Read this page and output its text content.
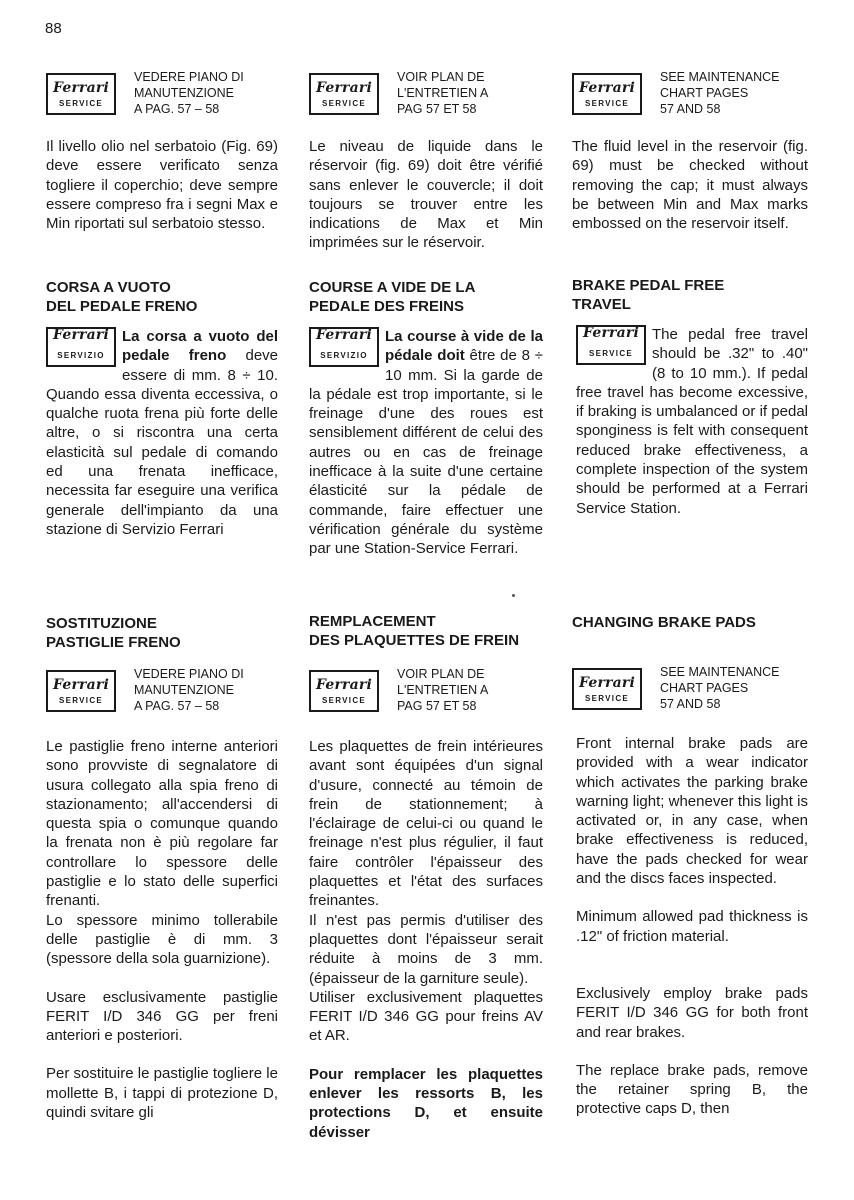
88
Ferrari
SERVICE
VEDERE PIANO DI
MANUTENZIONE
A PAG. 57 – 58

Il livello olio nel serbatoio (Fig. 69) deve essere verificato senza togliere il coperchio; deve sempre essere compreso fra i segni Max e Min riportati sul serbatoio stesso.

CORSA A VUOTO
DEL PEDALE FRENO
Ferrari
SERVIZIO

La corsa a vuoto del pedale freno deve essere di mm. 8 ÷ 10. Quando essa diventa eccessiva, o qualche ruota frena più forte delle altre, o si riscontra una certa elasticità sul pedale di comando ed una frenata inefficace, necessita far eseguire una verifica generale dell'impianto da una stazione di Servizio Ferrari

SOSTITUZIONE
PASTIGLIE FRENO
Ferrari
SERVICE
VEDERE PIANO DI
MANUTENZIONE
A PAG. 57 – 58

Le pastiglie freno interne anteriori sono provviste di segnalatore di usura collegato alla spia freno di stazionamento; all'accendersi di questa spia o comunque quando la frenata non è più regolare far controllare lo spessore delle pastiglie e lo stato delle superfici frenanti.

Lo spessore minimo tollerabile delle pastiglie è di mm. 3 (spessore della sola guarnizione).

Usare esclusivamente pastiglie FERIT I/D 346 GG per freni anteriori e posteriori.

Per sostituire le pastiglie togliere le mollette B, i tappi di protezione D, quindi svitare gli

Ferrari
SERVICE
VOIR PLAN DE
L'ENTRETIEN A
PAG 57 ET 58

Le niveau de liquide dans le réservoir (fig. 69) doit être vérifié sans enlever le couvercle; il doit toujours se trouver entre les indications de Max et Min imprimées sur le réservoir.

COURSE A VIDE DE LA
PEDALE DES FREINS
Ferrari
SERVIZIO

La course à vide de la pédale doit être de 8 ÷ 10 mm. Si la garde de la pédale est trop importante, si le freinage d'une des roues est sensiblement différent de celui des autres ou en cas de freinage inefficace à la suite d'une certaine élasticité sur la pédale de commande, faire effectuer une vérification générale du système par une Station-Service Ferrari.

REMPLACEMENT
DES PLAQUETTES DE FREIN
Ferrari
SERVICE
VOIR PLAN DE
L'ENTRETIEN A
PAG 57 ET 58

Les plaquettes de frein intérieures avant sont équipées d'un signal d'usure, connecté au témoin de frein de stationnement; à l'éclairage de celui-ci ou quand le freinage n'est plus régulier, il faut faire contrôler l'épaisseur des plaquettes et l'état des surfaces freinantes.

Il n'est pas permis d'utiliser des plaquettes dont l'épaisseur serait réduite à moins de 3 mm. (épaisseur de la garniture seule).

Utiliser exclusivement plaquettes FERIT I/D 346 GG pour freins AV et AR.

Pour remplacer les plaquettes enlever les ressorts B, les protections D, et ensuite dévisser

Ferrari
SERVICE
SEE MAINTENANCE
CHART PAGES
57 AND 58

The fluid level in the reservoir (fig. 69) must be checked without removing the cap; it must always be between Min and Max marks embossed on the reservoir itself.

BRAKE PEDAL FREE
TRAVEL
Ferrari
SERVICE

The pedal free travel should be .32" to .40" (8 to 10 mm.). If pedal free travel has become excessive, if braking is umbalanced or if pedal sponginess is felt with consequent reduced brake effectiveness, a complete inspection of the system should be performed at a Ferrari Service Station.

CHANGING BRAKE PADS
Ferrari
SERVICE
SEE MAINTENANCE
CHART PAGES
57 AND 58

Front internal brake pads are provided with a wear indicator which activates the parking brake warning light; whenever this light is activated or, in any case, when brake effectiveness is reduced, have the pads checked for wear and the discs faces inspected.

Minimum allowed pad thickness is .12" of friction material.

Exclusively employ brake pads FERIT I/D 346 GG for both front and rear brakes.

The replace brake pads, remove the retainer spring B, the protective caps D, then
